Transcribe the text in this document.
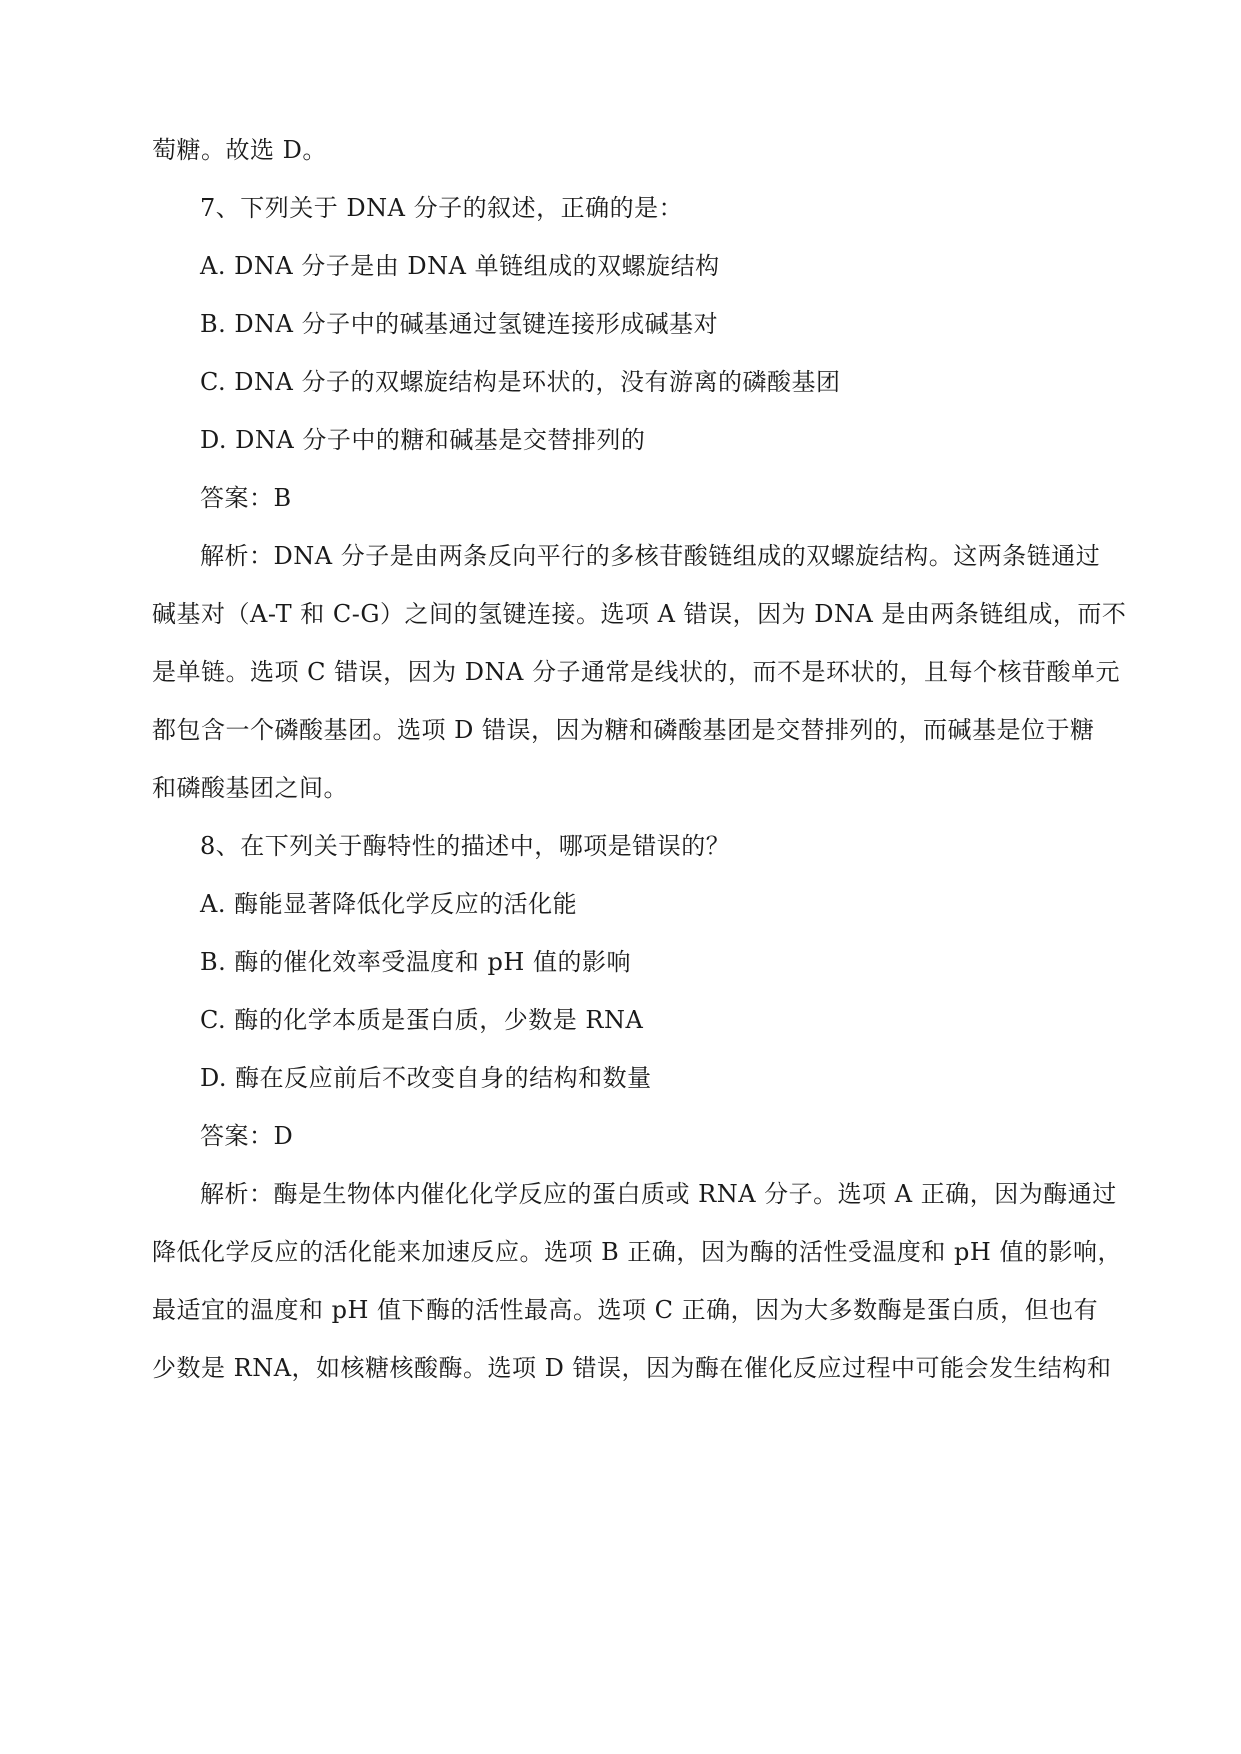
萄糖。故选 D。
7、下列关于 DNA 分子的叙述，正确的是：
A. DNA 分子是由 DNA 单链组成的双螺旋结构
B. DNA 分子中的碱基通过氢键连接形成碱基对
C. DNA 分子的双螺旋结构是环状的，没有游离的磷酸基团
D. DNA 分子中的糖和碱基是交替排列的
答案：B
解析：DNA 分子是由两条反向平行的多核苷酸链组成的双螺旋结构。这两条链通过
碱基对（A-T 和 C-G）之间的氢键连接。选项 A 错误，因为 DNA 是由两条链组成，而不
是单链。选项 C 错误，因为 DNA 分子通常是线状的，而不是环状的，且每个核苷酸单元
都包含一个磷酸基团。选项 D 错误，因为糖和磷酸基团是交替排列的，而碱基是位于糖
和磷酸基团之间。
8、在下列关于酶特性的描述中，哪项是错误的？
A. 酶能显著降低化学反应的活化能
B. 酶的催化效率受温度和 pH 值的影响
C. 酶的化学本质是蛋白质，少数是 RNA
D. 酶在反应前后不改变自身的结构和数量
答案：D
解析：酶是生物体内催化化学反应的蛋白质或 RNA 分子。选项 A 正确，因为酶通过
降低化学反应的活化能来加速反应。选项 B 正确，因为酶的活性受温度和 pH 值的影响，
最适宜的温度和 pH 值下酶的活性最高。选项 C 正确，因为大多数酶是蛋白质，但也有
少数是 RNA，如核糖核酸酶。选项 D 错误，因为酶在催化反应过程中可能会发生结构和
